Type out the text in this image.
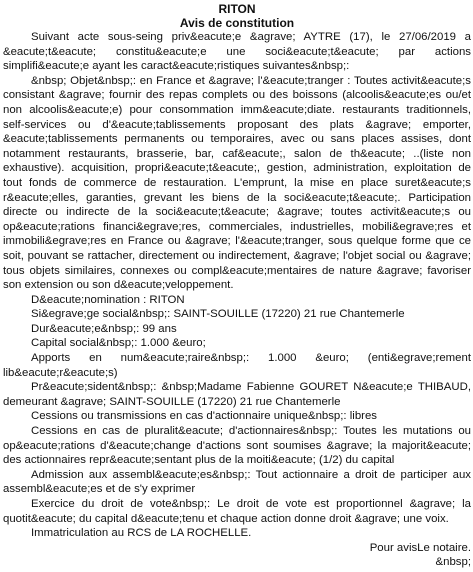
RITON
Avis de constitution
Suivant acte sous-seing priv&eacute;e &agrave; AYTRE (17), le 27/06/2019 a &eacute;t&eacute; constitu&eacute;e une soci&eacute;t&eacute; par actions simplifi&eacute;e ayant les caract&eacute;ristiques suivantes&nbsp;:
&nbsp; Objet&nbsp;: en France et &agrave; l'&eacute;tranger : Toutes activit&eacute;s consistant &agrave; fournir des repas complets ou des boissons (alcoolis&eacute;es ou/et non alcoolis&eacute;e) pour consommation imm&eacute;diate. restaurants traditionnels, self-services ou d'&eacute;tablissements proposant des plats &agrave; emporter, &eacute;tablissements permanents ou temporaires, avec ou sans places assises, dont notamment restaurants, brasserie, bar, caf&eacute;, salon de th&eacute; ..(liste non exhaustive). acquisition, propri&eacute;t&eacute;, gestion, administration, exploitation de tout fonds de commerce de restauration. L'emprunt, la mise en place suret&eacute;s r&eacute;elles, garanties, grevant les biens de la soci&eacute;t&eacute;. Participation directe ou indirecte de la soci&eacute;t&eacute; &agrave; toutes activit&eacute;s ou op&eacute;rations financi&egrave;res, commerciales, industrielles, mobili&egrave;res et immobili&egrave;res en France ou &agrave; l'&eacute;tranger, sous quelque forme que ce soit, pouvant se rattacher, directement ou indirectement, &agrave; l'objet social ou &agrave; tous objets similaires, connexes ou compl&eacute;mentaires de nature &agrave; favoriser son extension ou son d&eacute;veloppement.
D&eacute;nomination : RITON
Si&egrave;ge social&nbsp;: SAINT-SOUILLE (17220) 21 rue Chantemerle
Dur&eacute;e&nbsp;: 99 ans
Capital social&nbsp;: 1.000 &euro;
Apports en num&eacute;raire&nbsp;: 1.000 &euro; (enti&egrave;rement lib&eacute;r&eacute;s)
Pr&eacute;sident&nbsp;: &nbsp;Madame Fabienne GOURET N&eacute;e THIBAUD, demeurant &agrave; SAINT-SOUILLE (17220) 21 rue Chantemerle
Cessions ou transmissions en cas d'actionnaire unique&nbsp;: libres
Cessions en cas de pluralit&eacute; d'actionnaires&nbsp;: Toutes les mutations ou op&eacute;rations d'&eacute;change d'actions sont soumises &agrave; la majorit&eacute; des actionnaires repr&eacute;sentant plus de la moiti&eacute; (1/2) du capital
Admission aux assembl&eacute;es&nbsp;: Tout actionnaire a droit de participer aux assembl&eacute;es et de s'y exprimer
Exercice du droit de vote&nbsp;: Le droit de vote est proportionnel &agrave; la quotit&eacute; du capital d&eacute;tenu et chaque action donne droit &agrave; une voix.
Immatriculation au RCS de LA ROCHELLE.
Pour avisLe notaire.
&nbsp;
